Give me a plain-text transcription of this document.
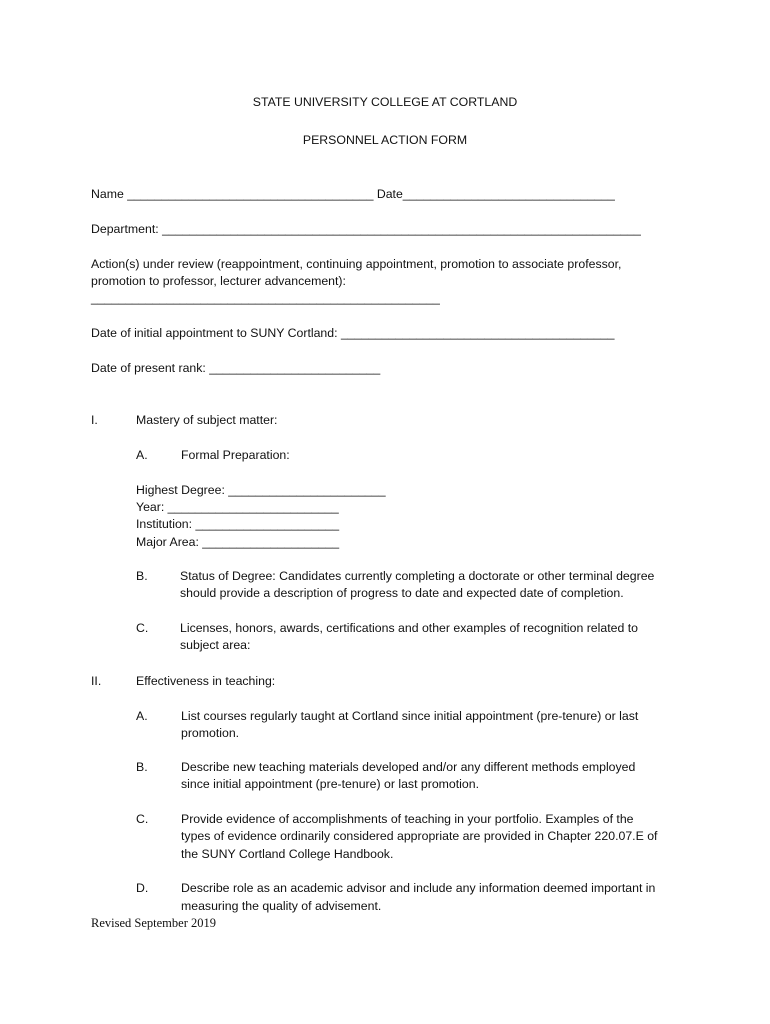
STATE UNIVERSITY COLLEGE AT CORTLAND
PERSONNEL ACTION FORM
Name ____________________________________ Date_______________________________
Department: ______________________________________________________________________
Action(s) under review (reappointment, continuing appointment, promotion to associate professor,
promotion to professor, lecturer advancement):
___________________________________________________
Date of initial appointment to SUNY Cortland: ________________________________________
Date of present rank: _________________________
I.	Mastery of subject matter:
A.	Formal Preparation:
Highest Degree: _______________________
Year: _________________________
Institution: _____________________
Major Area: ____________________
B.	Status of Degree: Candidates currently completing a doctorate or other terminal degree
should provide a description of progress to date and expected date of completion.
C.	Licenses, honors, awards, certifications and other examples of recognition related to
subject area:
II.	Effectiveness in teaching:
A.	List courses regularly taught at Cortland since initial appointment (pre-tenure) or last
promotion.
B.	Describe new teaching materials developed and/or any different methods employed
since initial appointment (pre-tenure) or last promotion.
C.	Provide evidence of accomplishments of teaching in your portfolio. Examples of the
types of evidence ordinarily considered appropriate are provided in Chapter 220.07.E of
the SUNY Cortland College Handbook.
D.	Describe role as an academic advisor and include any information deemed important in
measuring the quality of advisement.
Revised September 2019
